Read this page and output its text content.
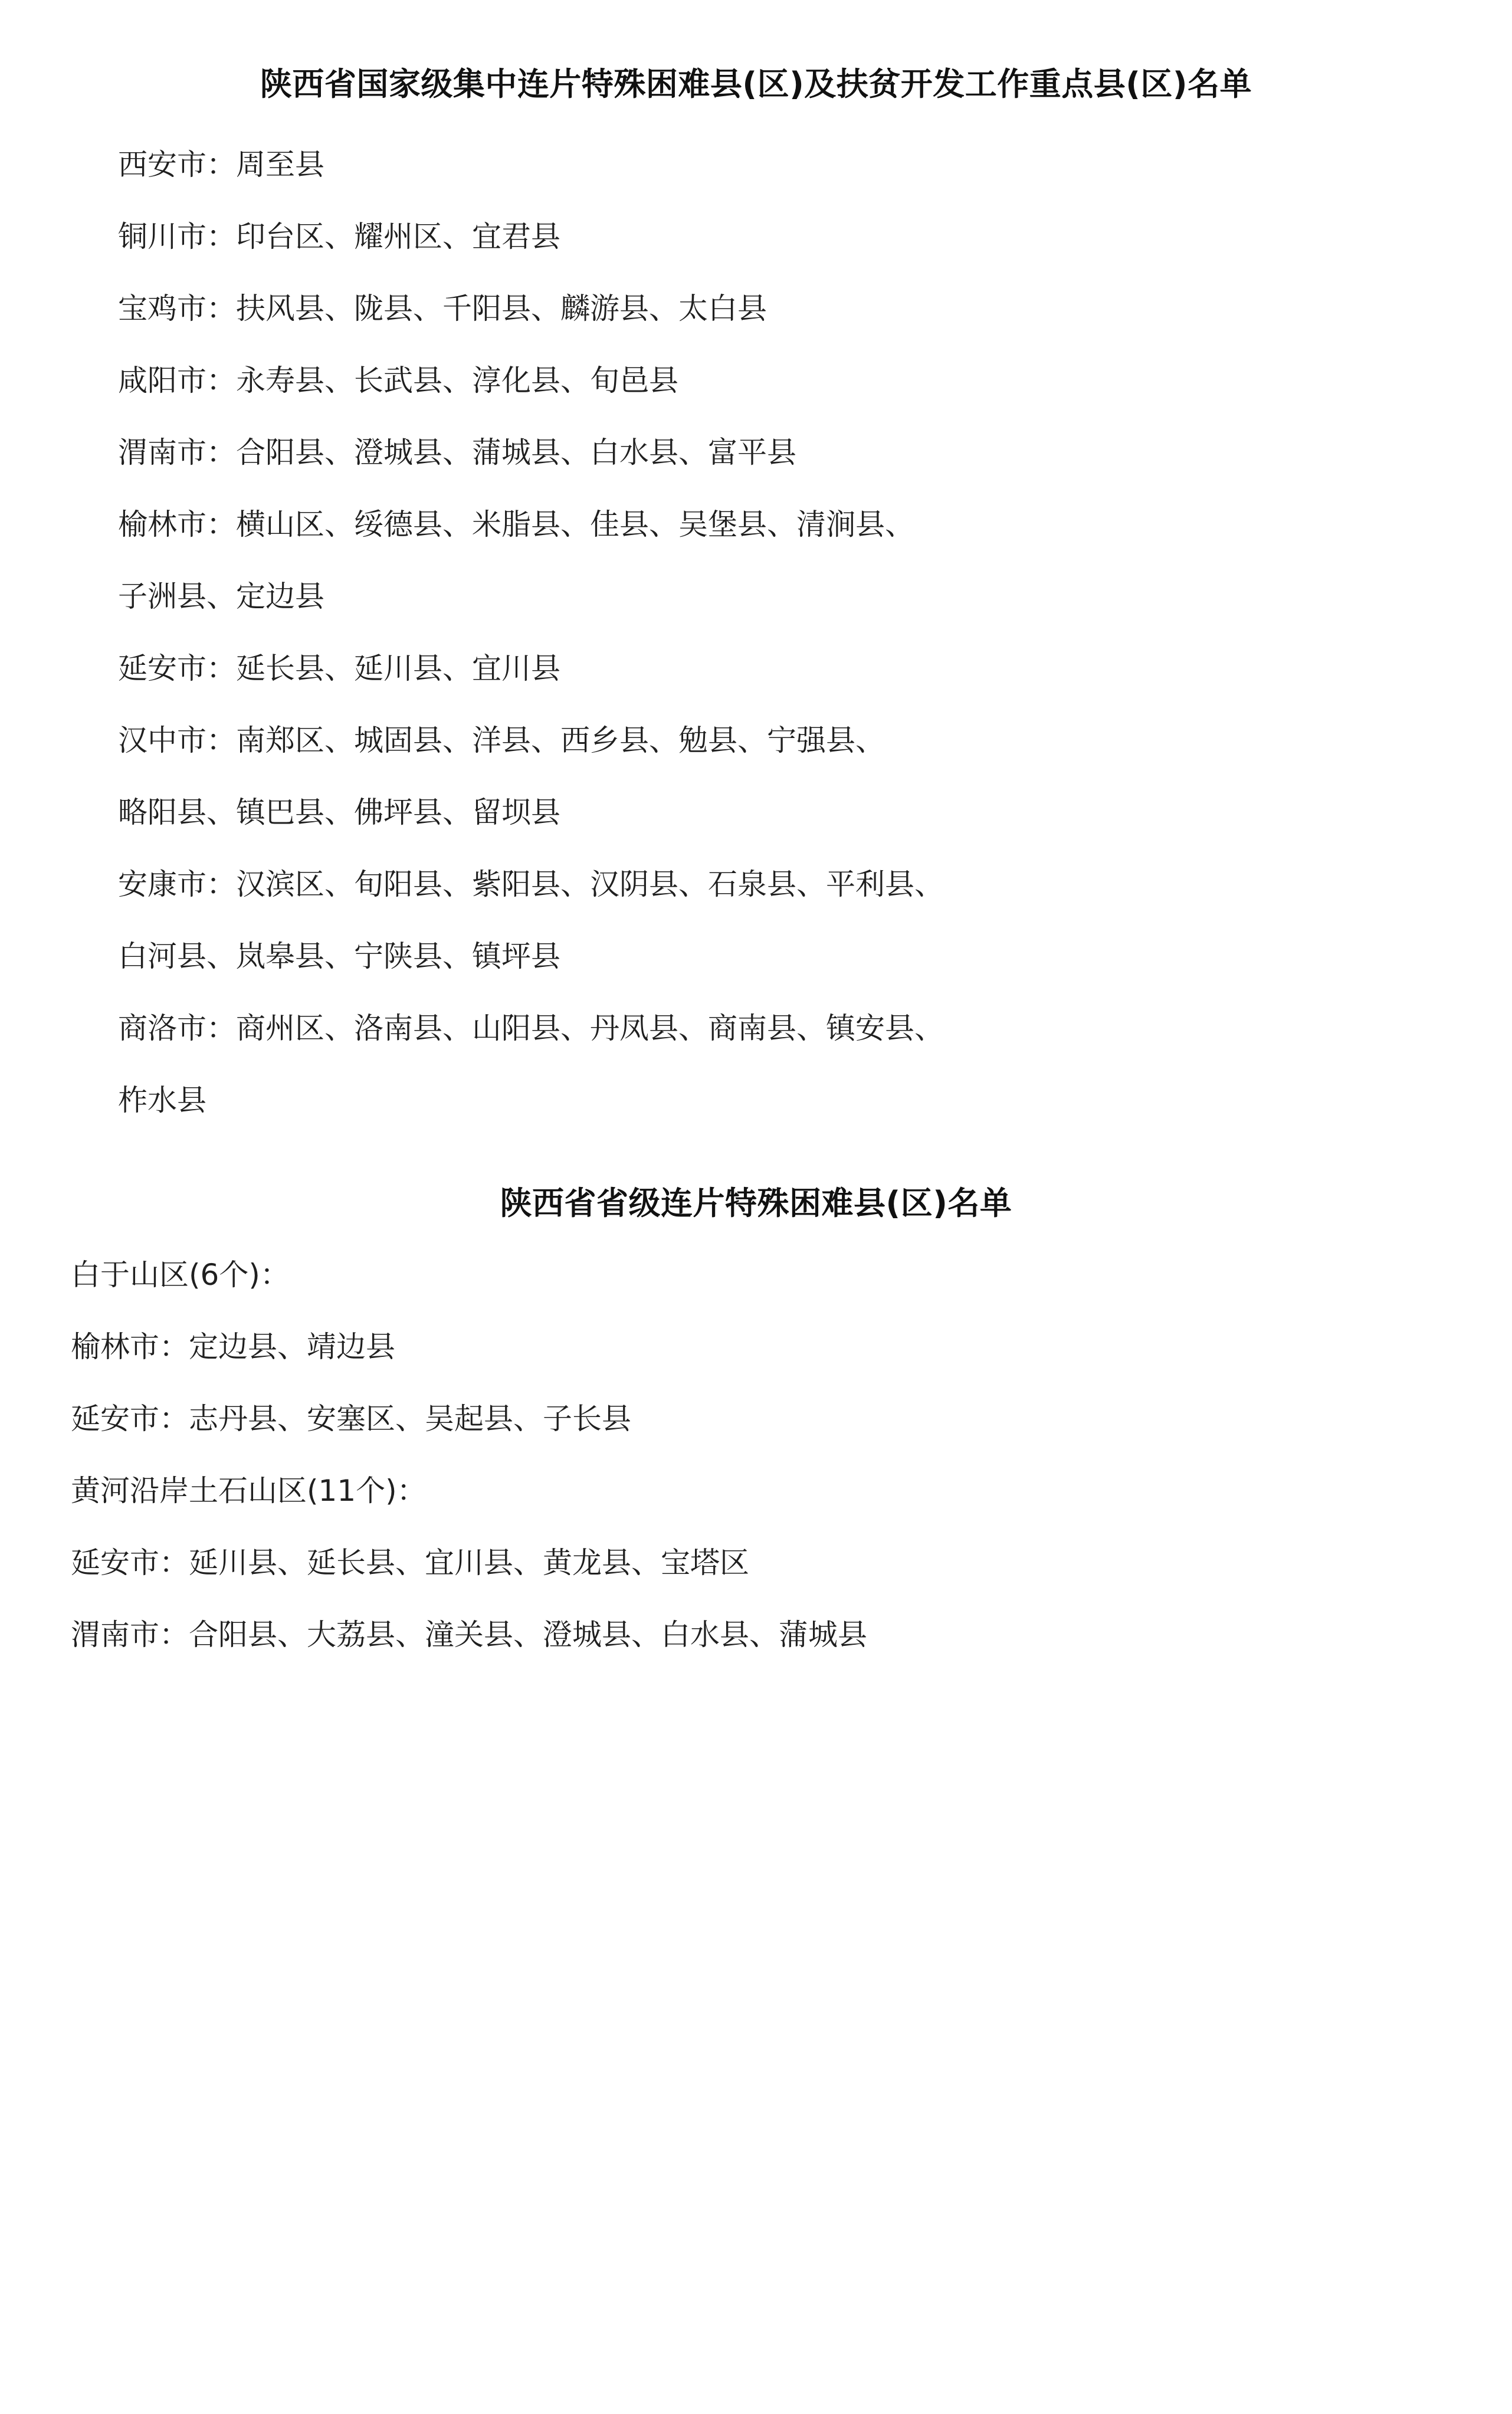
陕西省国家级集中连片特殊困难县(区)及扶贫开发工作重点县(区)名单

西安市：周至县

铜川市：印台区、耀州区、宜君县

宝鸡市：扶风县、陇县、千阳县、麟游县、太白县

咸阳市：永寿县、长武县、淳化县、旬邑县

渭南市：合阳县、澄城县、蒲城县、白水县、富平县

榆林市：横山区、绥德县、米脂县、佳县、吴堡县、清涧县、

子洲县、定边县

延安市：延长县、延川县、宜川县

汉中市：南郑区、城固县、洋县、西乡县、勉县、宁强县、

略阳县、镇巴县、佛坪县、留坝县

安康市：汉滨区、旬阳县、紫阳县、汉阴县、石泉县、平利县、

白河县、岚皋县、宁陕县、镇坪县

商洛市：商州区、洛南县、山阳县、丹凤县、商南县、镇安县、

柞水县

陕西省省级连片特殊困难县(区)名单

白于山区(6个)：

榆林市：定边县、靖边县

延安市：志丹县、安塞区、吴起县、子长县

黄河沿岸土石山区(11个)：

延安市：延川县、延长县、宜川县、黄龙县、宝塔区

渭南市：合阳县、大荔县、潼关县、澄城县、白水县、蒲城县
